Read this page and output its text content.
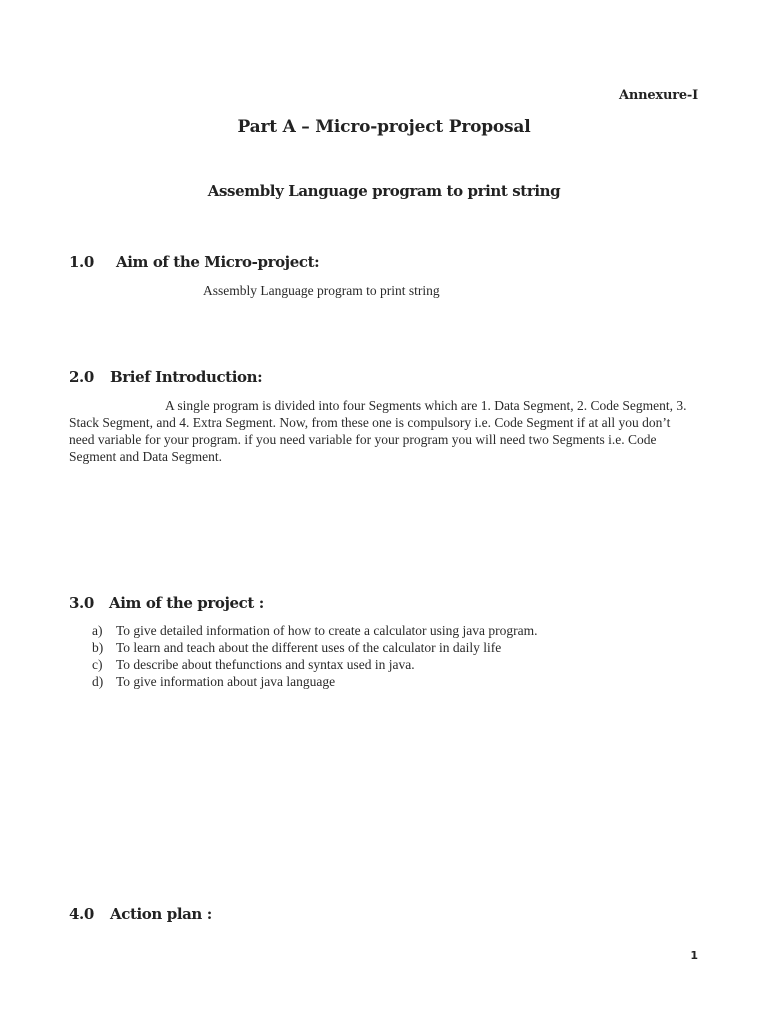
Annexure-I
Part A – Micro-project Proposal
Assembly Language program to print string
1.0 Aim of the Micro-project:

Assembly Language program to print string

2.0 Brief Introduction:

A single program is divided into four Segments which are 1. Data Segment, 2. Code Segment, 3. Stack Segment, and 4. Extra Segment. Now, from these one is compulsory i.e. Code Segment if at all you don’t need variable for your program. if you need variable for your program you will need two Segments i.e. Code Segment and Data Segment.

3.0 Aim of the project :
a)	To give detailed information of how to create a calculator using java program.
b) To learn and teach about the different uses of the calculator in daily life
c)	To describe about thefunctions and syntax used in java.
d) To give information about java language
4.0 Action plan :
1
